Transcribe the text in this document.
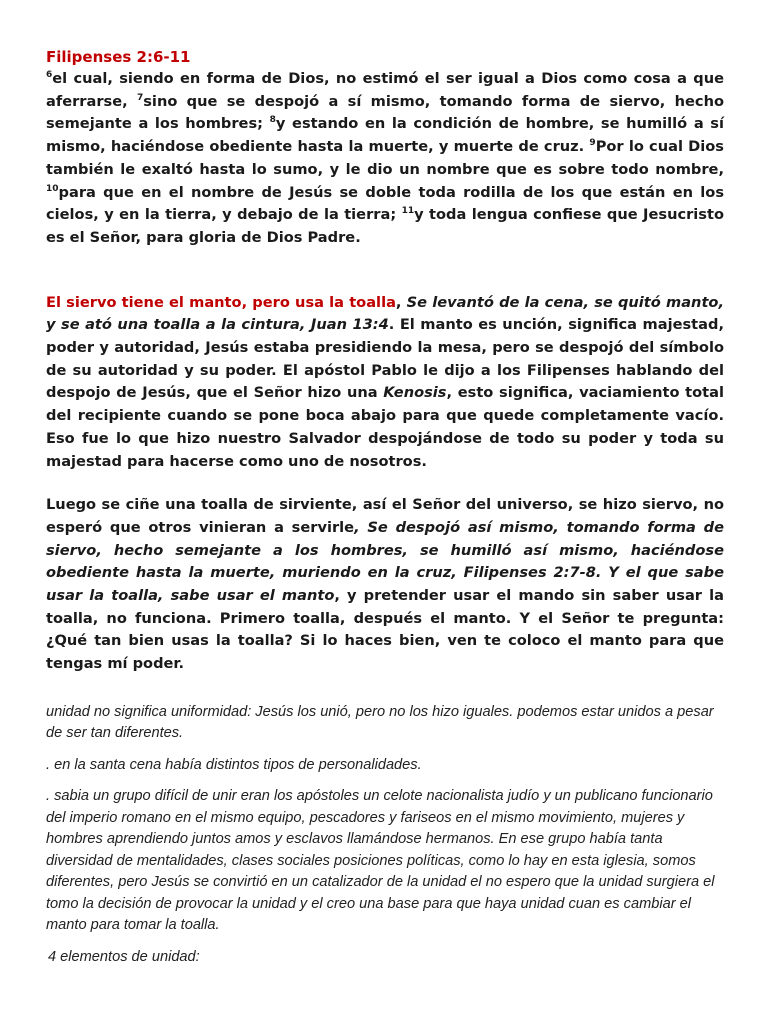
Filipenses 2:6-11

$^6$el cual, siendo en forma de Dios, no estimó el ser igual a Dios como cosa a que aferrarse, $^7$sino que se despojó a sí mismo, tomando forma de siervo, hecho semejante a los hombres; $^8$y estando en la condición de hombre, se humilló a sí mismo, haciéndose obediente hasta la muerte, y muerte de cruz. $^9$Por lo cual Dios también le exaltó hasta lo sumo, y le dio un nombre que es sobre todo nombre, $^{10}$para que en el nombre de Jesús se doble toda rodilla de los que están en los cielos, y en la tierra, y debajo de la tierra; $^{11}$y toda lengua confiese que Jesucristo es el Señor, para gloria de Dios Padre.

El siervo tiene el manto, pero usa la toalla, Se levantó de la cena, se quitó manto, y se ató una toalla a la cintura, Juan 13:4. El manto es unción, significa majestad, poder y autoridad, Jesús estaba presidiendo la mesa, pero se despojó del símbolo de su autoridad y su poder. El apóstol Pablo le dijo a los Filipenses hablando del despojo de Jesús, que el Señor hizo una Kenosis, esto significa, vaciamiento total del recipiente cuando se pone boca abajo para que quede completamente vacío. Eso fue lo que hizo nuestro Salvador despojándose de todo su poder y toda su majestad para hacerse como uno de nosotros.

Luego se ciñe una toalla de sirviente, así el Señor del universo, se hizo siervo, no esperó que otros vinieran a servirle, Se despojó así mismo, tomando forma de siervo, hecho semejante a los hombres, se humilló así mismo, haciéndose obediente hasta la muerte, muriendo en la cruz, Filipenses 2:7-8. Y el que sabe usar la toalla, sabe usar el manto, y pretender usar el mando sin saber usar la toalla, no funciona. Primero toalla, después el manto. Y el Señor te pregunta: ¿Qué tan bien usas la toalla? Si lo haces bien, ven te coloco el manto para que tengas mí poder.

unidad no significa uniformidad: Jesús los unió, pero no los hizo iguales. podemos estar unidos a pesar de ser tan diferentes.

. en la santa cena había distintos tipos de personalidades.

. sabia un grupo difícil de unir eran los apóstoles un celote nacionalista judío y un publicano funcionario del imperio romano en el mismo equipo, pescadores y fariseos en el mismo movimiento, mujeres y hombres aprendiendo juntos amos y esclavos llamándose hermanos. En ese grupo había tanta diversidad de mentalidades, clases sociales posiciones políticas, como lo hay en esta iglesia, somos diferentes, pero Jesús se convirtió en un catalizador de la unidad el no espero que la unidad surgiera el tomo la decisión de provocar la unidad y el creo una base para que haya unidad cuan es cambiar el manto para tomar la toalla.

4 elementos de unidad:
